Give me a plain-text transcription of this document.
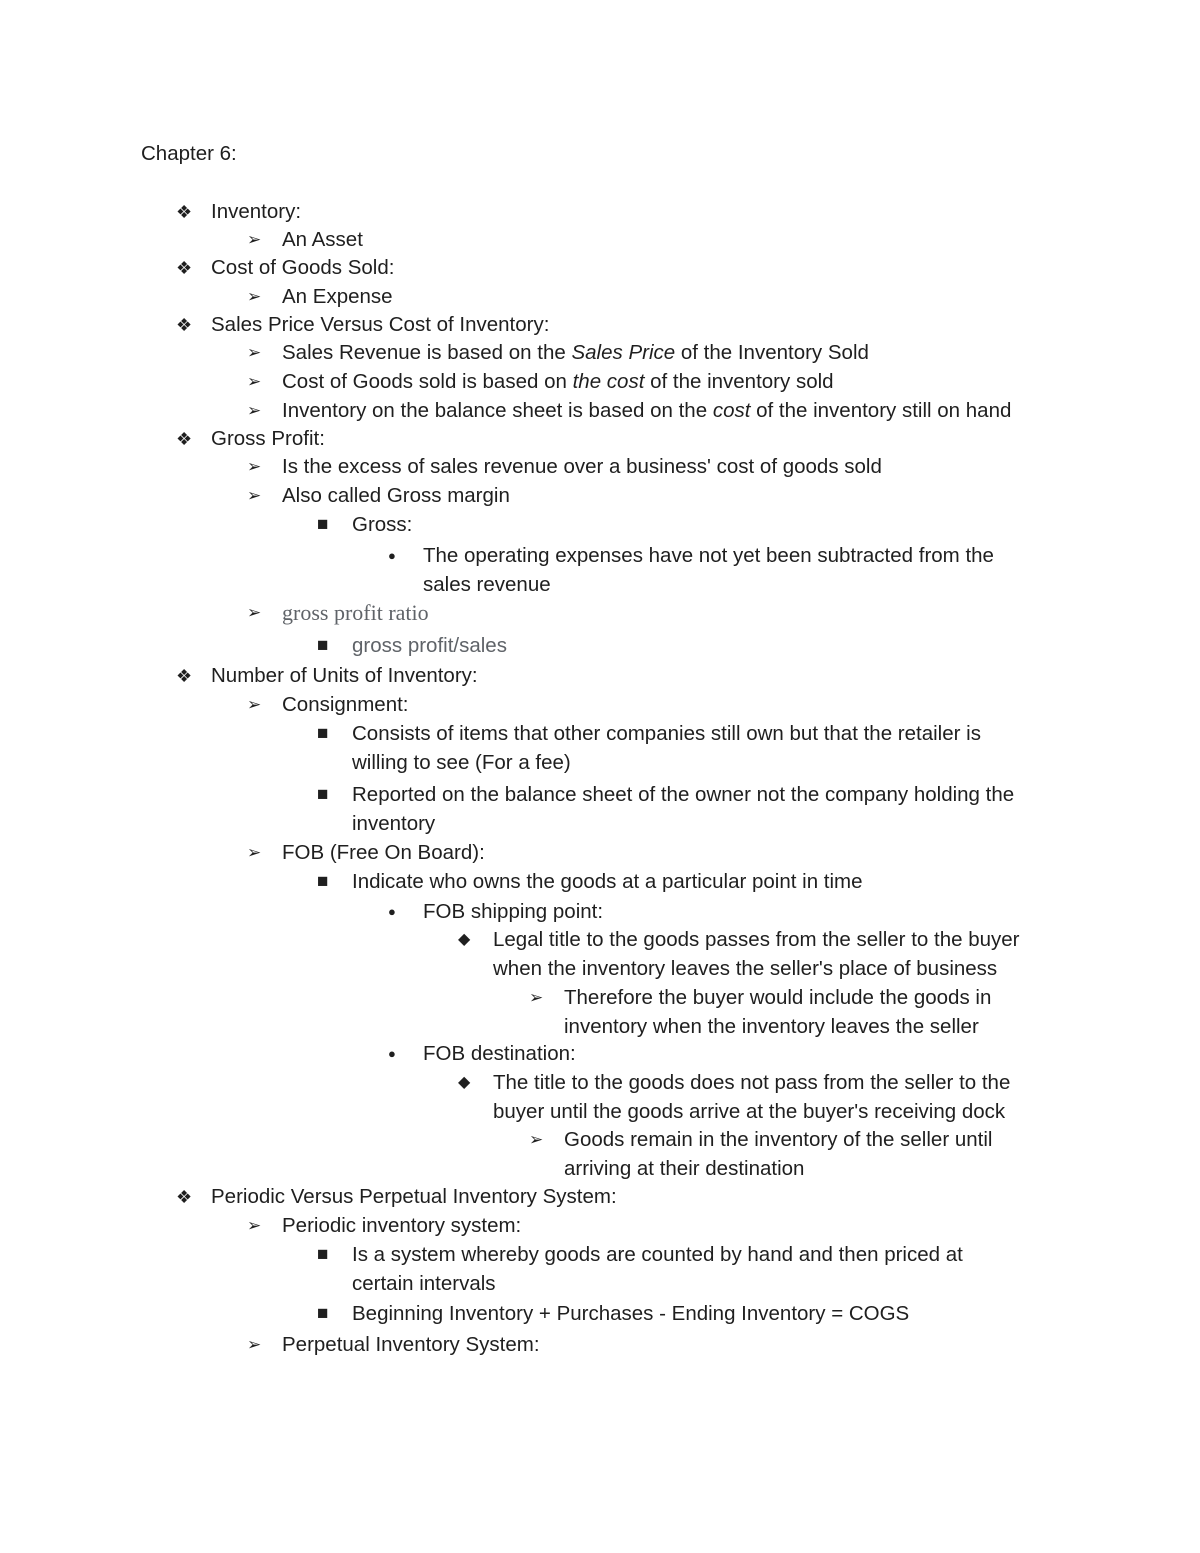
Chapter 6:
❖ Inventory:
➢	An Asset
❖ Cost of Goods Sold:
➢	An Expense
❖ Sales Price Versus Cost of Inventory:
➢	Sales Revenue is based on the Sales Price of the Inventory Sold
➢	Cost of Goods sold is based on the cost of the inventory sold
➢	Inventory on the balance sheet is based on the cost of the inventory still on hand
❖ Gross Profit:
➢	Is the excess of sales revenue over a business' cost of goods sold
➢	Also called Gross margin
■	Gross:
●	The operating expenses have not yet been subtracted from the
sales revenue
➢ gross profit ratio
■	gross profit/sales
❖ Number of Units of Inventory:
➢	Consignment:
■	Consists of items that other companies still own but that the retailer is
willing to see (For a fee)
■	Reported on the balance sheet of the owner not the company holding the
inventory
➢	FOB (Free On Board):
■	Indicate who owns the goods at a particular point in time
●	FOB shipping point:
◆	Legal title to the goods passes from the seller to the buyer
when the inventory leaves the seller's place of business
➢	Therefore the buyer would include the goods in
inventory when the inventory leaves the seller
●	FOB destination:
◆	The title to the goods does not pass from the seller to the
buyer until the goods arrive at the buyer's receiving dock
➢	Goods remain in the inventory of the seller until
arriving at their destination
❖ Periodic Versus Perpetual Inventory System:
➢	Periodic inventory system:
■	Is a system whereby goods are counted by hand and then priced at
certain intervals
■	Beginning Inventory + Purchases - Ending Inventory = COGS
➢	Perpetual Inventory System:
